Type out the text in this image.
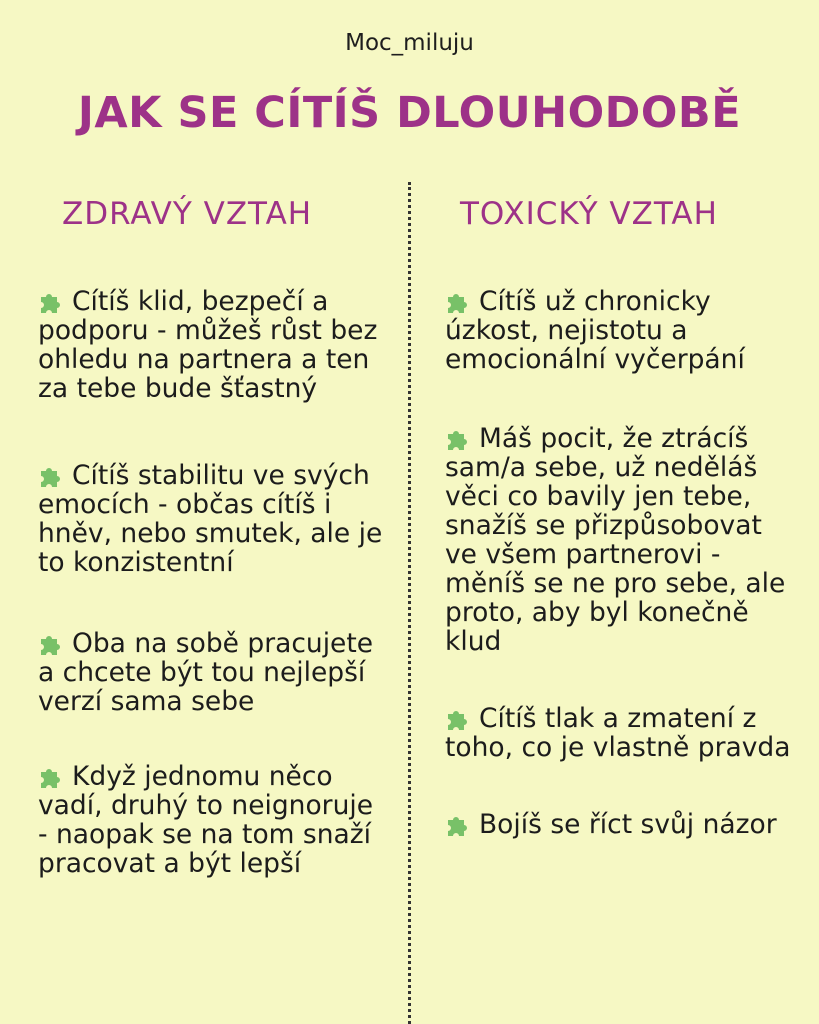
Moc_miluju
JAK SE CÍTÍŠ DLOUHODOBĚ
ZDRAVÝ VZTAH	TOXICKÝ VZTAH

Cítíš klid, bezpečí a podporu - můžeš růst bez ohledu na partnera a ten za tebe bude šťastný

Cítíš stabilitu ve svých emocích - občas cítíš i hněv, nebo smutek, ale je to konzistentní

Oba na sobě pracujete a chcete být tou nejlepší verzí sama sebe

Když jednomu něco vadí, druhý to neignoruje - naopak se na tom snaží pracovat a být lepší

Cítíš už chronicky úzkost, nejistotu a emocionální vyčerpání

Máš pocit, že ztrácíš sam/a sebe, už neděláš věci co bavily jen tebe, snažíš se přizpůsobovat ve všem partnerovi - měníš se ne pro sebe, ale proto, aby byl konečně klud

Cítíš tlak a zmatení z toho, co je vlastně pravda

Bojíš se říct svůj názor
